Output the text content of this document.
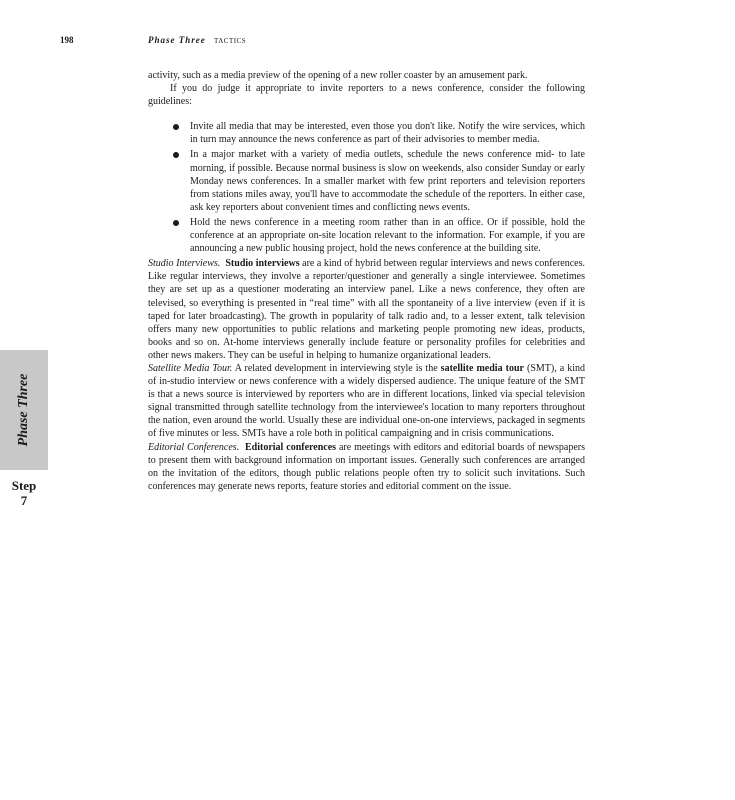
198	Phase Three TACTICS
Phase Three
Step
7

activity, such as a media preview of the opening of a new roller coaster by an amusement park.

If you do judge it appropriate to invite reporters to a news conference, consider the following guidelines:

Invite all media that may be interested, even those you don't like. Notify the wire services, which in turn may announce the news conference as part of their advisories to member media.
In a major market with a variety of media outlets, schedule the news conference mid- to late morning, if possible. Because normal business is slow on weekends, also consider Sunday or early Monday news conferences. In a smaller market with few print reporters and television reporters from stations miles away, you'll have to accommodate the schedule of the reporters. In either case, ask key reporters about convenient times and conflicting news events.
Hold the news conference in a meeting room rather than in an office. Or if possible, hold the conference at an appropriate on-site location relevant to the information. For example, if you are announcing a new public housing project, hold the news conference at the building site.

Studio Interviews. Studio interviews are a kind of hybrid between regular interviews and news conferences. Like regular interviews, they involve a reporter/questioner and generally a single interviewee. Sometimes they are set up as a questioner moderating an interview panel. Like a news conference, they often are televised, so everything is presented in “real time” with all the spontaneity of a live interview (even if it is taped for later broadcasting). The growth in popularity of talk radio and, to a lesser extent, talk television offers many new opportunities to public relations and marketing people promoting new ideas, products, books and so on. At-home interviews generally include feature or personality profiles for celebrities and other news makers. They can be useful in helping to humanize organizational leaders.

Satellite Media Tour. A related development in interviewing style is the satellite media tour (SMT), a kind of in-studio interview or news conference with a widely dispersed audience. The unique feature of the SMT is that a news source is interviewed by reporters who are in different locations, linked via special television signal transmitted through satellite technology from the interviewee's location to many reporters throughout the nation, even around the world. Usually these are individual one-on-one interviews, packaged in segments of five minutes or less. SMTs have a role both in political campaigning and in crisis communications.

Editorial Conferences. Editorial conferences are meetings with editors and editorial boards of newspapers to present them with background information on important issues. Generally such conferences are arranged on the invitation of the editors, though public relations people often try to solicit such invitations. Such conferences may generate news reports, feature stories and editorial comment on the issue.
